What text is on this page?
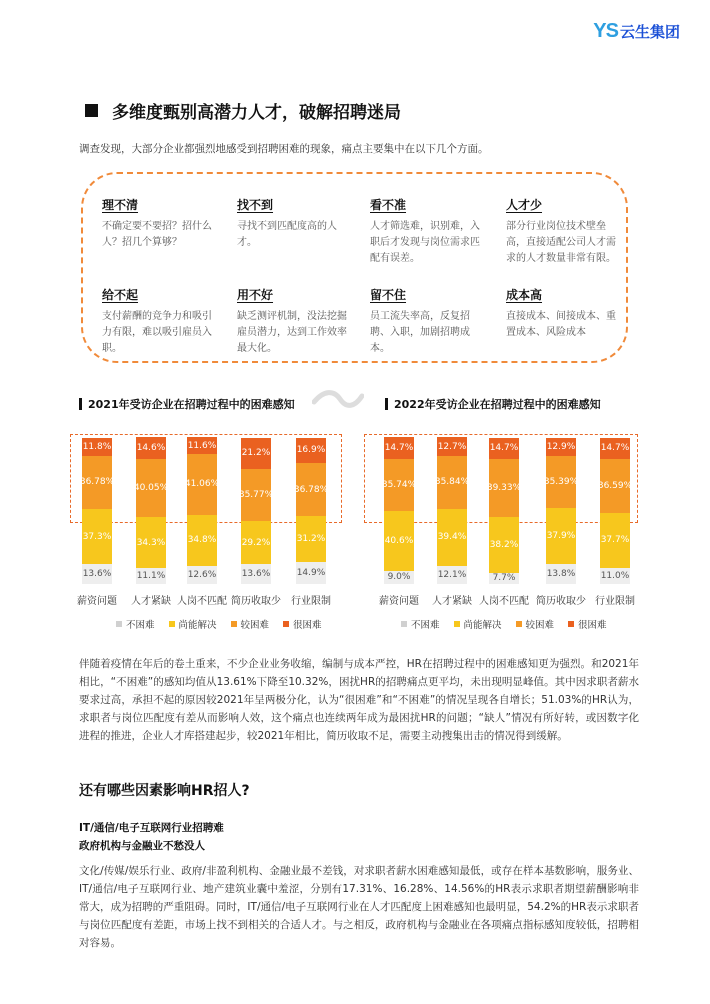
YS 云生集团
多维度甄别高潜力人才，破解招聘迷局
调查发现，大部分企业都强烈地感受到招聘困难的现象，痛点主要集中在以下几个方面。
理不清
不确定要不要招？招什么人？招几个算够？
找不到
寻找不到匹配度高的人才。
看不准
人才筛选难，识别难，入职后才发现与岗位需求匹配有误差。
人才少
部分行业岗位技术壁垒高，直接适配公司人才需求的人才数量非常有限。
给不起
支付薪酬的竞争力和吸引力有限，难以吸引雇员入职。
用不好
缺乏测评机制，没法挖掘雇员潜力，达到工作效率最大化。
留不住
员工流失率高，反复招聘、入职，加剧招聘成本。
成本高
直接成本、间接成本、重置成本、风险成本
2021年受访企业在招聘过程中的困难感知	2022年受访企业在招聘过程中的困难感知
13.6%
37.3%
36.78%
11.8%
薪资问题
11.1%
34.3%
40.05%
14.6%
人才紧缺
12.6%
34.8%
41.06%
11.6%
人岗不匹配
13.6%
29.2%
35.77%
21.2%
简历收取少
14.9%
31.2%
36.78%
16.9%
行业限制
不困难	尚能解决	较困难	很困难
9.0%
40.6%
35.74%
14.7%
薪资问题
12.1%
39.4%
35.84%
12.7%
人才紧缺
7.7%
38.2%
39.33%
14.7%
人岗不匹配
13.8%
37.9%
35.39%
12.9%
简历收取少
11.0%
37.7%
36.59%
14.7%
行业限制
不困难	尚能解决	较困难	很困难
伴随着疫情在年后的卷土重来，不少企业业务收缩，编制与成本严控，HR在招聘过程中的困难感知更为强烈。和2021年相比，“不困难”的感知均值从13.61%下降至10.32%，困扰HR的招聘痛点更平均，未出现明显峰值。其中因求职者薪水要求过高，承担不起的原因较2021年呈两极分化，认为“很困难”和“不困难”的情况呈现各自增长；51.03%的HR认为，求职者与岗位匹配度有差从而影响人效，这个痛点也连续两年成为最困扰HR的问题；“缺人”情况有所好转，或因数字化进程的推进，企业人才库搭建起步，较2021年相比，简历收取不足，需要主动搜集出击的情况得到缓解。
还有哪些因素影响HR招人?
IT/通信/电子互联网行业招聘难
政府机构与金融业不愁没人
文化/传媒/娱乐行业、政府/非盈利机构、金融业最不差钱，对求职者薪水困难感知最低，或存在样本基数影响，服务业、IT/通信/电子互联网行业、地产建筑业囊中羞涩，分别有17.31%、16.28%、14.56%的HR表示求职者期望薪酬影响非常大，成为招聘的严重阻碍。同时，IT/通信/电子互联网行业在人才匹配度上困难感知也最明显，54.2%的HR表示求职者与岗位匹配度有差距，市场上找不到相关的合适人才。与之相反，政府机构与金融业在各项痛点指标感知度较低，招聘相对容易。
